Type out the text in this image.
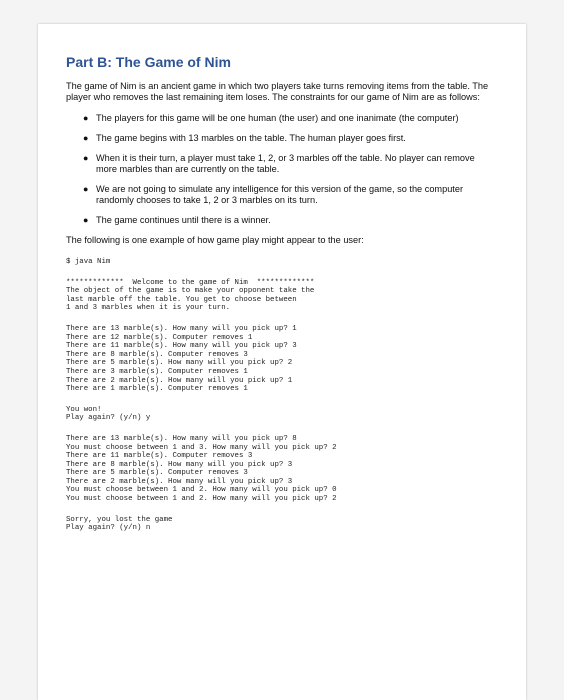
Part B: The Game of Nim

The game of Nim is an ancient game in which two players take turns removing items from the table. The player who removes the last remaining item loses. The constraints for our game of Nim are as follows:

● The players for this game will be one human (the user) and one inanimate (the computer)
● The game begins with 13 marbles on the table. The human player goes first.
● When it is their turn, a player must take 1, 2, or 3 marbles off the table. No player can remove more marbles than are currently on the table.
● We are not going to simulate any intelligence for this version of the game, so the computer randomly chooses to take 1, 2 or 3 marbles on its turn.
● The game continues until there is a winner.

The following is one example of how game play might appear to the user:

$ java Nim
*************  Welcome to the game of Nim  *************
The object of the game is to make your opponent take the
last marble off the table. You get to choose between
1 and 3 marbles when it is your turn.
There are 13 marble(s). How many will you pick up? 1
There are 12 marble(s). Computer removes 1
There are 11 marble(s). How many will you pick up? 3
There are 8 marble(s). Computer removes 3
There are 5 marble(s). How many will you pick up? 2
There are 3 marble(s). Computer removes 1
There are 2 marble(s). How many will you pick up? 1
There are 1 marble(s). Computer removes 1
You won!
Play again? (y/n) y
There are 13 marble(s). How many will you pick up? 8
You must choose between 1 and 3. How many will you pick up? 2
There are 11 marble(s). Computer removes 3
There are 8 marble(s). How many will you pick up? 3
There are 5 marble(s). Computer removes 3
There are 2 marble(s). How many will you pick up? 3
You must choose between 1 and 2. How many will you pick up? 0
You must choose between 1 and 2. How many will you pick up? 2
Sorry, you lost the game
Play again? (y/n) n
